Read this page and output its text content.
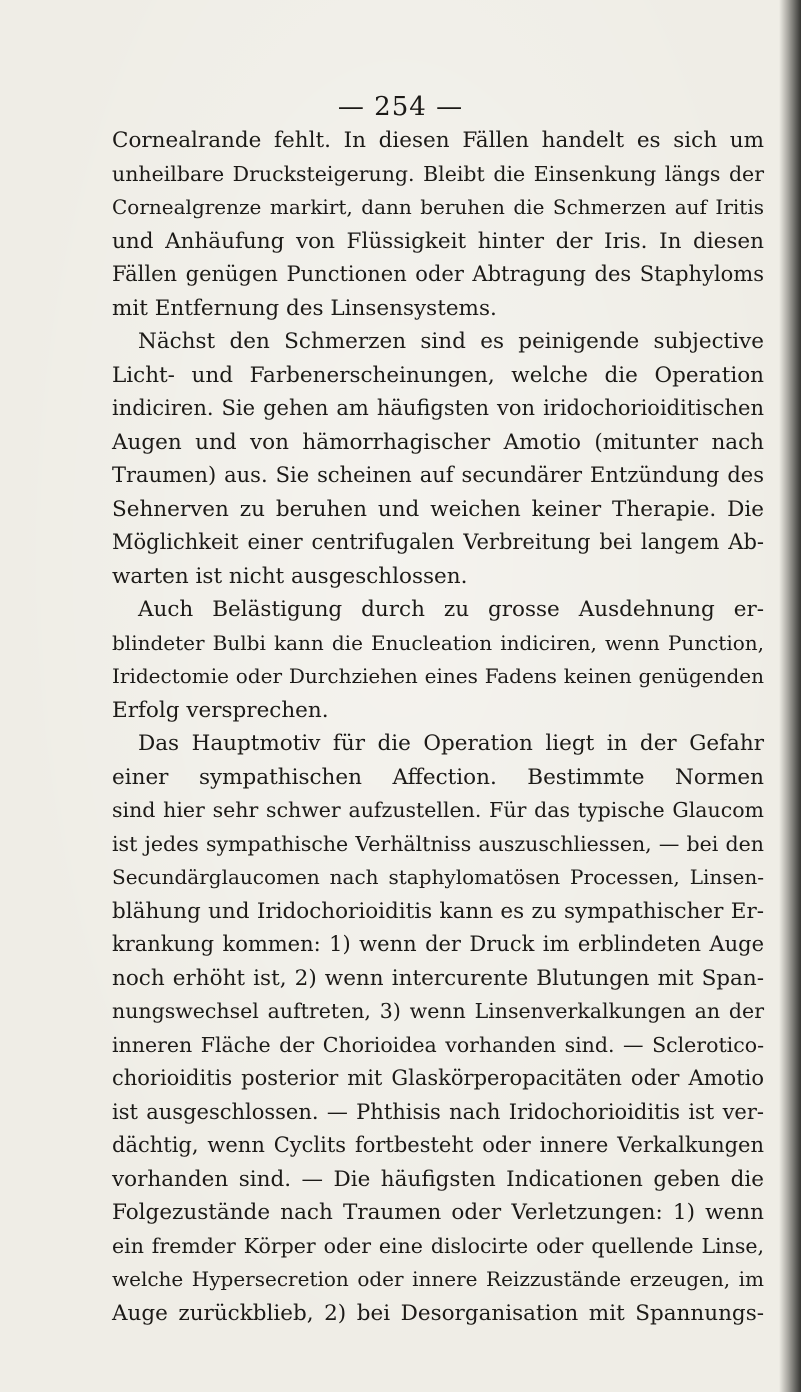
— 254 —
Cornealrande fehlt. In diesen Fällen handelt es sich um
unheilbare Drucksteigerung. Bleibt die Einsenkung längs der
Cornealgrenze markirt, dann beruhen die Schmerzen auf Iritis
und Anhäufung von Flüssigkeit hinter der Iris. In diesen
Fällen genügen Punctionen oder Abtragung des Staphyloms
mit Entfernung des Linsensystems.
Nächst den Schmerzen sind es peinigende subjective
Licht- und Farbenerscheinungen, welche die Operation
indiciren. Sie gehen am häufigsten von iridochorioiditischen
Augen und von hämorrhagischer Amotio (mitunter nach
Traumen) aus. Sie scheinen auf secundärer Entzündung des
Sehnerven zu beruhen und weichen keiner Therapie. Die
Möglichkeit einer centrifugalen Verbreitung bei langem Ab-
warten ist nicht ausgeschlossen.
Auch Belästigung durch zu grosse Ausdehnung er-
blindeter Bulbi kann die Enucleation indiciren, wenn Punction,
Iridectomie oder Durchziehen eines Fadens keinen genügenden
Erfolg versprechen.
Das Hauptmotiv für die Operation liegt in der Gefahr
einer sympathischen Affection. Bestimmte Normen
sind hier sehr schwer aufzustellen. Für das typische Glaucom
ist jedes sympathische Verhältniss auszuschliessen, — bei den
Secundärglaucomen nach staphylomatösen Processen, Linsen-
blähung und Iridochorioiditis kann es zu sympathischer Er-
krankung kommen: 1) wenn der Druck im erblindeten Auge
noch erhöht ist, 2) wenn intercurente Blutungen mit Span-
nungswechsel auftreten, 3) wenn Linsenverkalkungen an der
inneren Fläche der Chorioidea vorhanden sind. — Sclerotico-
chorioiditis posterior mit Glaskörperopacitäten oder Amotio
ist ausgeschlossen. — Phthisis nach Iridochorioiditis ist ver-
dächtig, wenn Cyclits fortbesteht oder innere Verkalkungen
vorhanden sind. — Die häufigsten Indicationen geben die
Folgezustände nach Traumen oder Verletzungen: 1) wenn
ein fremder Körper oder eine dislocirte oder quellende Linse,
welche Hypersecretion oder innere Reizzustände erzeugen, im
Auge zurückblieb, 2) bei Desorganisation mit Spannungs-
